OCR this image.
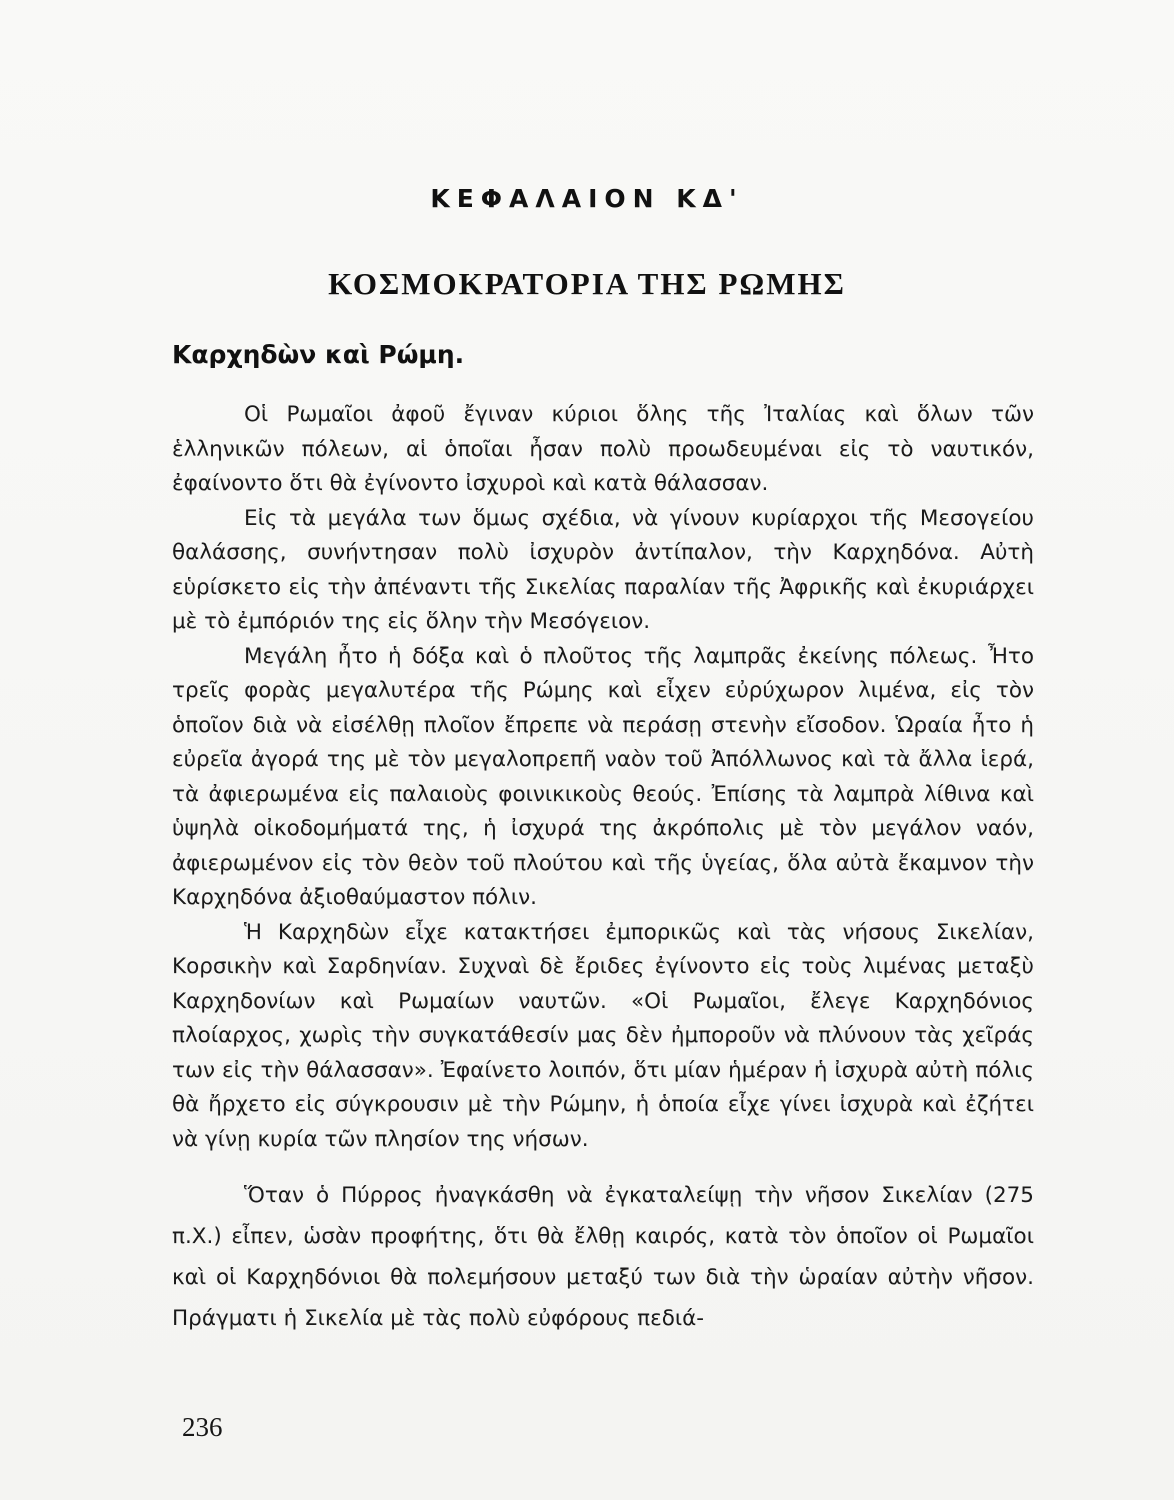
ΚΕΦΑΛΑΙΟΝ ΚΔ'
ΚΟΣΜΟΚΡΑΤΟΡΙΑ ΤΗΣ ΡΩΜΗΣ
Καρχηδὼν καὶ Ρώμη.

Οἱ Ρωμαῖοι ἀφοῦ ἔγιναν κύριοι ὅλης τῆς Ἰταλίας καὶ ὅλων τῶν ἑλληνικῶν πόλεων, αἱ ὁποῖαι ἦσαν πολὺ προωδευμέναι εἰς τὸ ναυτικόν, ἐφαίνοντο ὅτι θὰ ἐγίνοντο ἰσχυροὶ καὶ κατὰ θάλασσαν.

Εἰς τὰ μεγάλα των ὅμως σχέδια, νὰ γίνουν κυρίαρχοι τῆς Μεσογείου θαλάσσης, συνήντησαν πολὺ ἰσχυρὸν ἀντίπαλον, τὴν Καρχηδόνα. Αὐτὴ εὑρίσκετο εἰς τὴν ἀπέναντι τῆς Σικελίας παραλίαν τῆς Ἀφρικῆς καὶ ἐκυριάρχει μὲ τὸ ἐμπόριόν της εἰς ὅλην τὴν Μεσόγειον.

Μεγάλη ἦτο ἡ δόξα καὶ ὁ πλοῦτος τῆς λαμπρᾶς ἐκείνης πόλεως. Ἦτο τρεῖς φορὰς μεγαλυτέρα τῆς Ρώμης καὶ εἶχεν εὐρύχωρον λιμένα, εἰς τὸν ὁποῖον διὰ νὰ εἰσέλθῃ πλοῖον ἔπρεπε νὰ περάσῃ στενὴν εἴσοδον. Ὡραία ἦτο ἡ εὐρεῖα ἀγορά της μὲ τὸν μεγαλοπρεπῆ ναὸν τοῦ Ἀπόλλωνος καὶ τὰ ἄλλα ἱερά, τὰ ἀφιερωμένα εἰς παλαιοὺς φοινικικοὺς θεούς. Ἐπίσης τὰ λαμπρὰ λίθινα καὶ ὑψηλὰ οἰκοδομήματά της, ἡ ἰσχυρά της ἀκρόπολις μὲ τὸν μεγάλον ναόν, ἀφιερωμένον εἰς τὸν θεὸν τοῦ πλούτου καὶ τῆς ὑγείας, ὅλα αὐτὰ ἔκαμνον τὴν Καρχηδόνα ἀξιοθαύμαστον πόλιν.

Ἡ Καρχηδὼν εἶχε κατακτήσει ἐμπορικῶς καὶ τὰς νήσους Σικελίαν, Κορσικὴν καὶ Σαρδηνίαν. Συχναὶ δὲ ἔριδες ἐγίνοντο εἰς τοὺς λιμένας μεταξὺ Καρχηδονίων καὶ Ρωμαίων ναυτῶν. «Οἱ Ρωμαῖοι, ἔλεγε Καρχηδόνιος πλοίαρχος, χωρὶς τὴν συγκατάθεσίν μας δὲν ἠμποροῦν νὰ πλύνουν τὰς χεῖράς των εἰς τὴν θάλασσαν». Ἐφαίνετο λοιπόν, ὅτι μίαν ἡμέραν ἡ ἰσχυρὰ αὐτὴ πόλις θὰ ἤρχετο εἰς σύγκρουσιν μὲ τὴν Ρώμην, ἡ ὁποία εἶχε γίνει ἰσχυρὰ καὶ ἐζήτει νὰ γίνῃ κυρία τῶν πλησίον της νήσων.

Ὅταν ὁ Πύρρος ἠναγκάσθη νὰ ἐγκαταλείψῃ τὴν νῆσον Σικελίαν (275 π.Χ.) εἶπεν, ὡσὰν προφήτης, ὅτι θὰ ἔλθῃ καιρός, κατὰ τὸν ὁποῖον οἱ Ρωμαῖοι καὶ οἱ Καρχηδόνιοι θὰ πολεμήσουν μεταξύ των διὰ τὴν ὡραίαν αὐτὴν νῆσον. Πράγματι ἡ Σικελία μὲ τὰς πολὺ εὐφόρους πεδιά-

236
